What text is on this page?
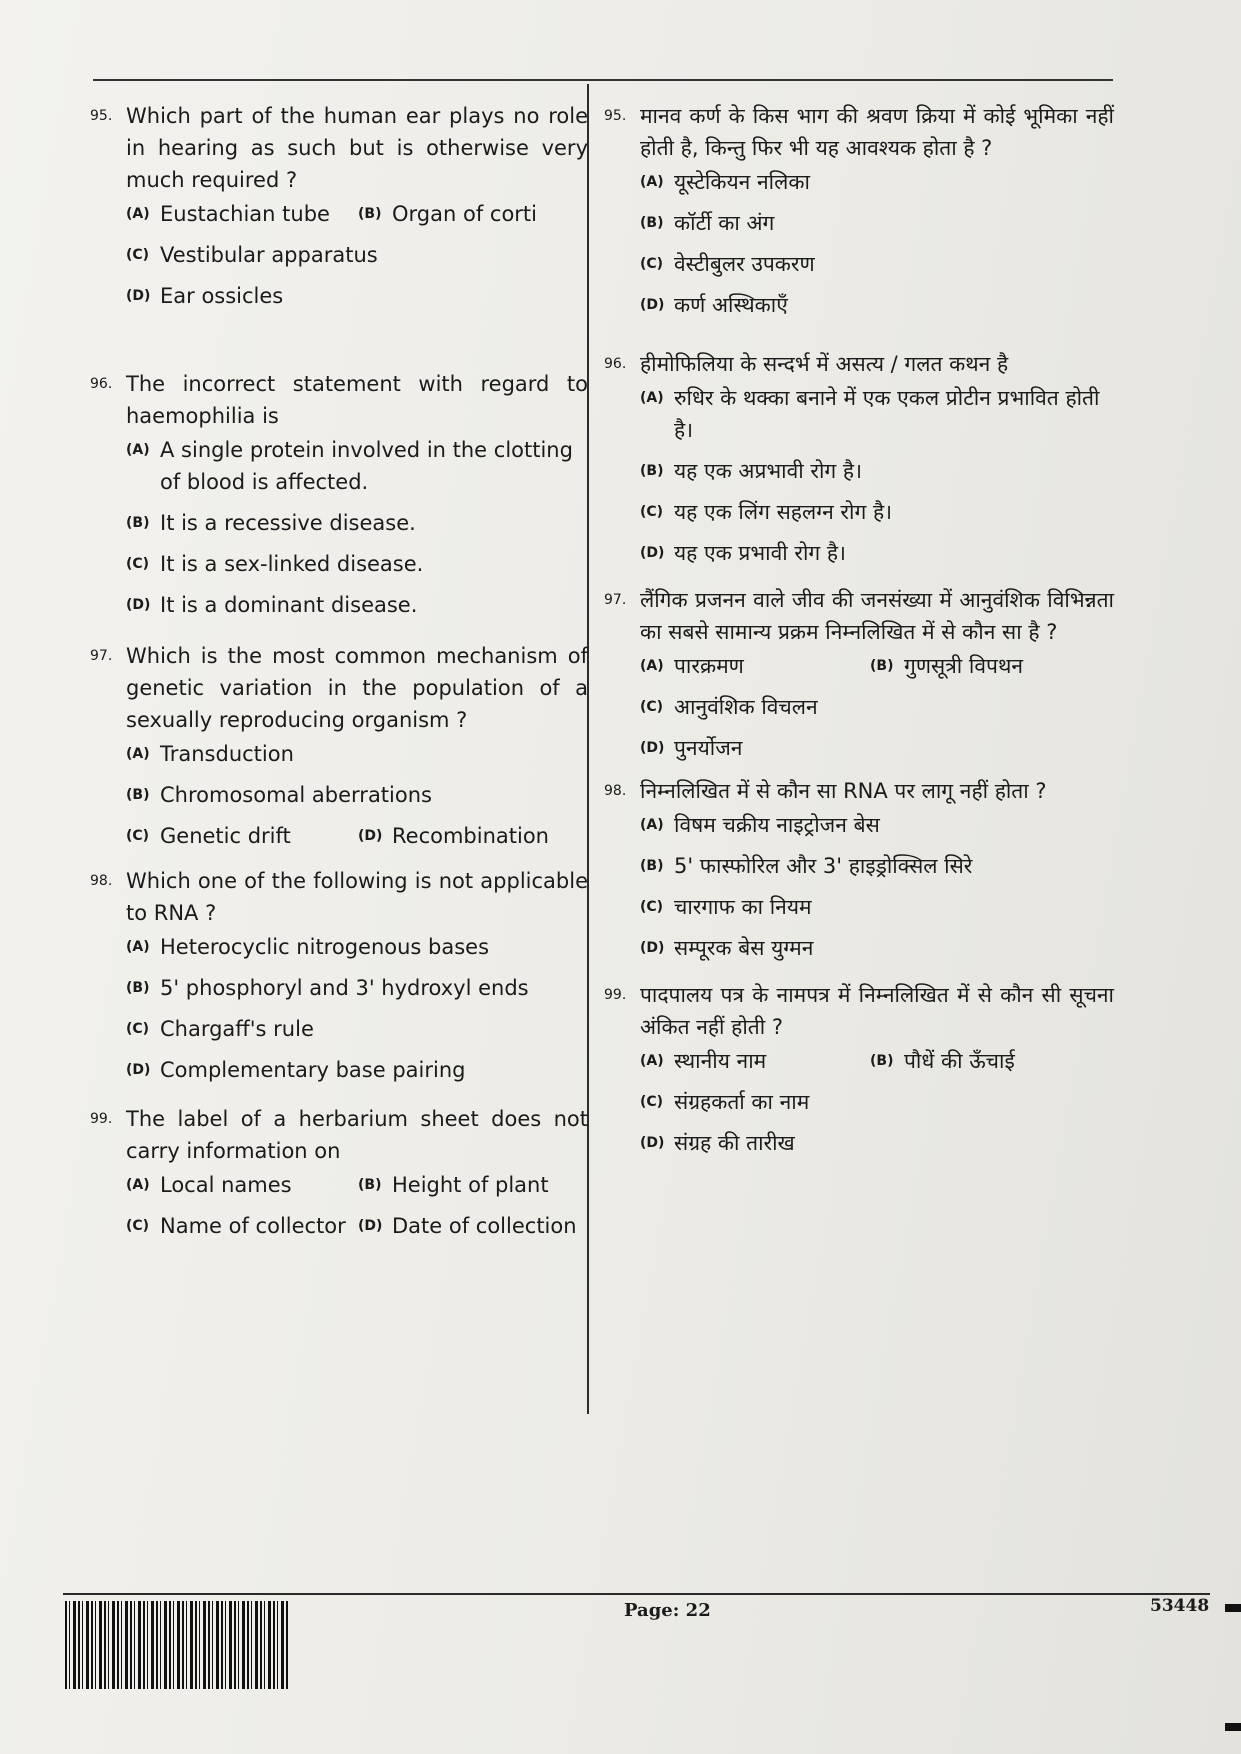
95. Which part of the human ear plays no role in hearing as such but is otherwise very much required ?
(A) Eustachian tube	(B) Organ of corti
(C) Vestibular apparatus
(D) Ear ossicles
96. The incorrect statement with regard to haemophilia is
(A) A single protein involved in the clotting of blood is affected.
(B) It is a recessive disease.
(C) It is a sex-linked disease.
(D) It is a dominant disease.
97. Which is the most common mechanism of genetic variation in the population of a sexually reproducing organism ?
(A) Transduction
(B) Chromosomal aberrations
(C) Genetic drift	(D) Recombination
98. Which one of the following is not applicable to RNA ?
(A) Heterocyclic nitrogenous bases
(B) 5' phosphoryl and 3' hydroxyl ends
(C) Chargaff's rule
(D) Complementary base pairing
99. The label of a herbarium sheet does not carry information on
(A) Local names	(B) Height of plant
(C) Name of collector (D) Date of collection
95. मानव कर्ण के किस भाग की श्रवण क्रिया में कोई भूमिका नहीं होती है, किन्तु फिर भी यह आवश्यक होता है ?
(A) यूस्टेकियन नलिका
(B) कॉर्टी का अंग
(C) वेस्टीबुलर उपकरण
(D) कर्ण अस्थिकाएँ
96. हीमोफिलिया के सन्दर्भ में असत्य / गलत कथन है
(A) रुधिर के थक्का बनाने में एक एकल प्रोटीन प्रभावित होती है।
(B) यह एक अप्रभावी रोग है।
(C) यह एक लिंग सहलग्न रोग है।
(D) यह एक प्रभावी रोग है।
97. लैंगिक प्रजनन वाले जीव की जनसंख्या में आनुवंशिक विभिन्नता का सबसे सामान्य प्रक्रम निम्नलिखित में से कौन सा है ?
(A) पारक्रमण	(B) गुणसूत्री विपथन
(C) आनुवंशिक विचलन
(D) पुनर्योजन
98. निम्नलिखित में से कौन सा RNA पर लागू नहीं होता ?
(A) विषम चक्रीय नाइट्रोजन बेस
(B) 5' फास्फोरिल और 3' हाइड्रोक्सिल सिरे
(C) चारगाफ का नियम
(D) सम्पूरक बेस युग्मन
99. पादपालय पत्र के नामपत्र में निम्नलिखित में से कौन सी सूचना अंकित नहीं होती ?
(A) स्थानीय नाम	(B) पौधें की ऊँचाई
(C) संग्रहकर्ता का नाम
(D) संग्रह की तारीख
Page: 22	53448
